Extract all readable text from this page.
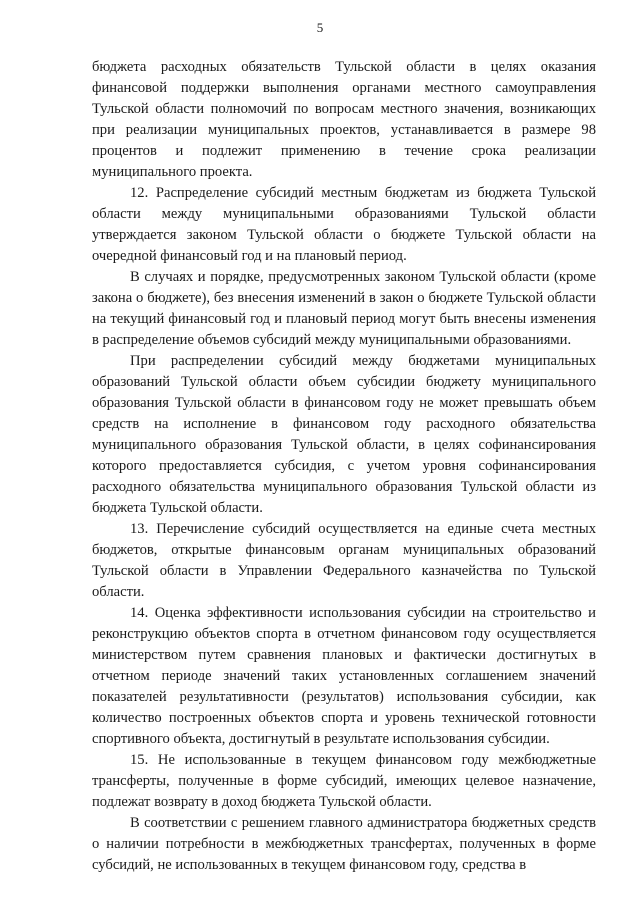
5

бюджета расходных обязательств Тульской области в целях оказания финансовой поддержки выполнения органами местного самоуправления Тульской области полномочий по вопросам местного значения, возникающих при реализации муниципальных проектов, устанавливается в размере 98 процентов и подлежит применению в течение срока реализации муниципального проекта.

12. Распределение субсидий местным бюджетам из бюджета Тульской области между муниципальными образованиями Тульской области утверждается законом Тульской области о бюджете Тульской области на очередной финансовый год и на плановый период.

В случаях и порядке, предусмотренных законом Тульской области (кроме закона о бюджете), без внесения изменений в закон о бюджете Тульской области на текущий финансовый год и плановый период могут быть внесены изменения в распределение объемов субсидий между муниципальными образованиями.

При распределении субсидий между бюджетами муниципальных образований Тульской области объем субсидии бюджету муниципального образования Тульской области в финансовом году не может превышать объем средств на исполнение в финансовом году расходного обязательства муниципального образования Тульской области, в целях софинансирования которого предоставляется субсидия, с учетом уровня софинансирования расходного обязательства муниципального образования Тульской области из бюджета Тульской области.

13. Перечисление субсидий осуществляется на единые счета местных бюджетов, открытые финансовым органам муниципальных образований Тульской области в Управлении Федерального казначейства по Тульской области.

14. Оценка эффективности использования субсидии на строительство и реконструкцию объектов спорта в отчетном финансовом году осуществляется министерством путем сравнения плановых и фактически достигнутых в отчетном периоде значений таких установленных соглашением значений показателей результативности (результатов) использования субсидии, как количество построенных объектов спорта и уровень технической готовности спортивного объекта, достигнутый в результате использования субсидии.

15. Не использованные в текущем финансовом году межбюджетные трансферты, полученные в форме субсидий, имеющих целевое назначение, подлежат возврату в доход бюджета Тульской области.

В соответствии с решением главного администратора бюджетных средств о наличии потребности в межбюджетных трансфертах, полученных в форме субсидий, не использованных в текущем финансовом году, средства в
